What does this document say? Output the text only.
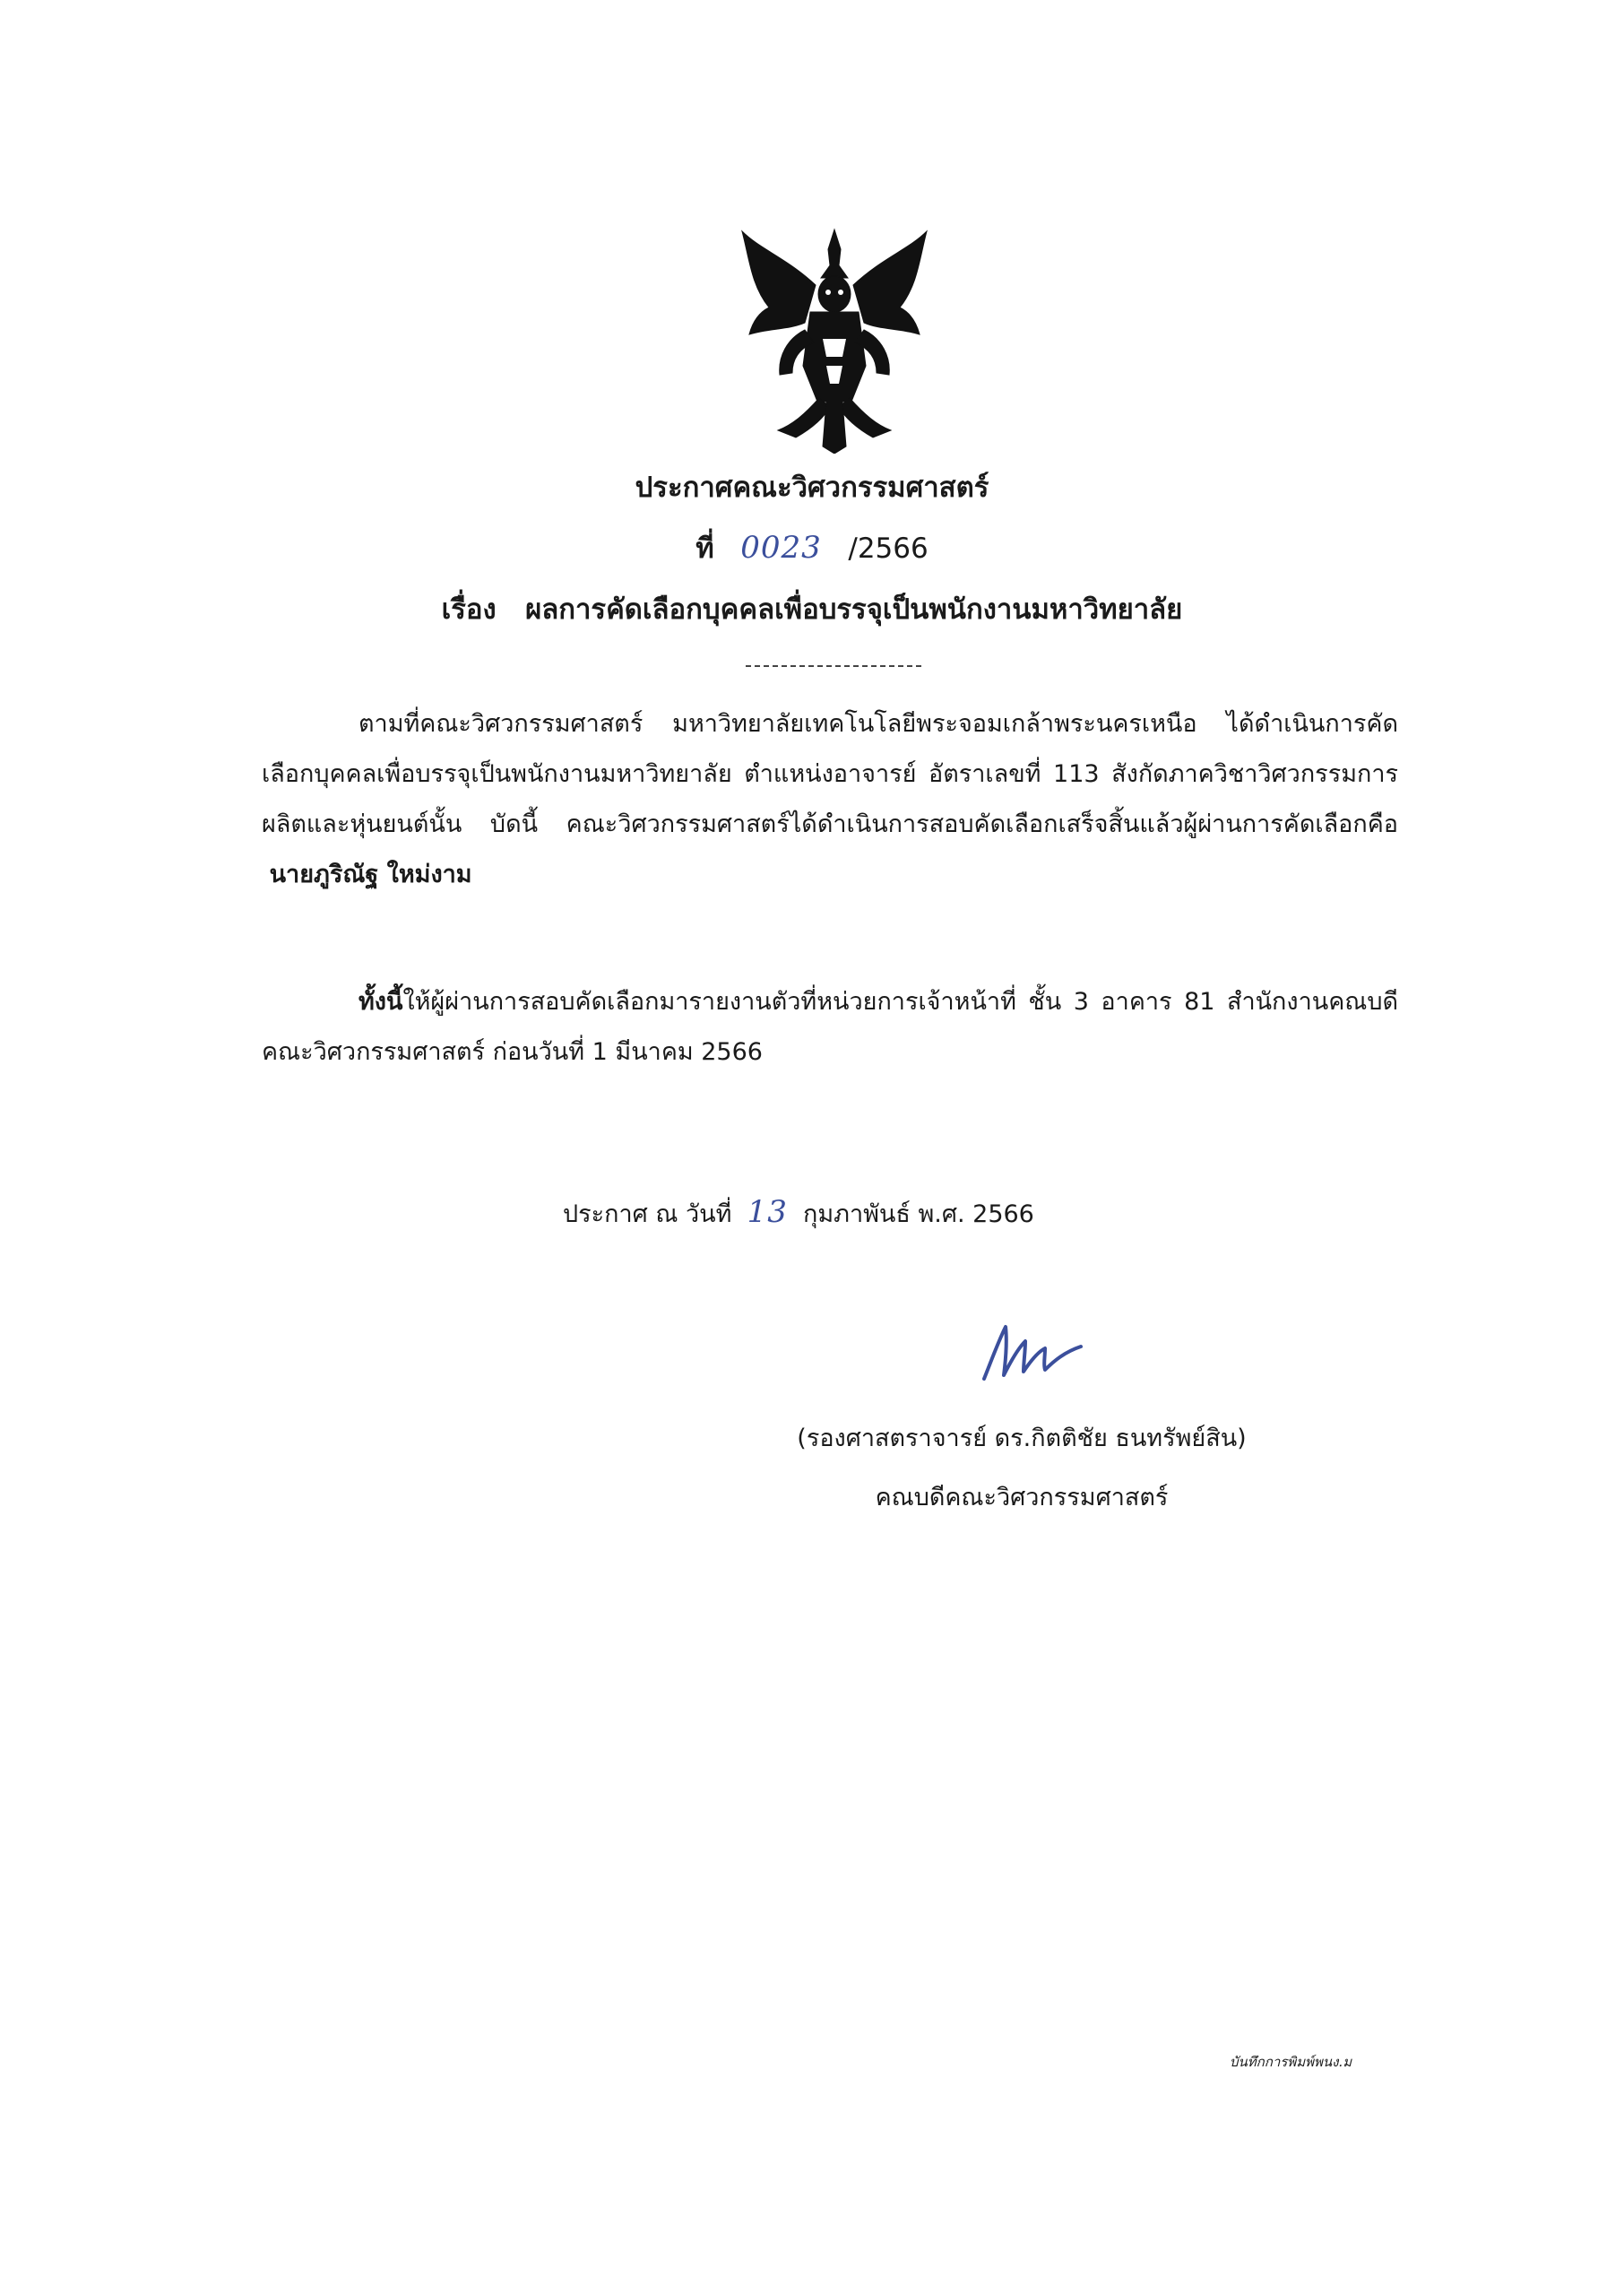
ประกาศคณะวิศวกรรมศาสตร์
ที่ 0023 /2566
เรื่อง ผลการคัดเลือกบุคคลเพื่อบรรจุเป็นพนักงานมหาวิทยาลัย
ตามที่คณะวิศวกรรมศาสตร์ มหาวิทยาลัยเทคโนโลยีพระจอมเกล้าพระนครเหนือ ได้ดำเนินการคัดเลือกบุคคลเพื่อบรรจุเป็นพนักงานมหาวิทยาลัย ตำแหน่งอาจารย์ อัตราเลขที่ 113 สังกัดภาควิชาวิศวกรรมการผลิตและหุ่นยนต์นั้น บัดนี้ คณะวิศวกรรมศาสตร์ได้ดำเนินการสอบคัดเลือกเสร็จสิ้นแล้วผู้ผ่านการคัดเลือกคือ  นายภูริณัฐ ใหม่งาม
ทั้งนี้ให้ผู้ผ่านการสอบคัดเลือกมารายงานตัวที่หน่วยการเจ้าหน้าที่ ชั้น 3 อาคาร 81 สำนักงานคณบดี คณะวิศวกรรมศาสตร์ ก่อนวันที่ 1 มีนาคม 2566
ประกาศ ณ วันที่ 13 กุมภาพันธ์ พ.ศ. 2566
(รองศาสตราจารย์ ดร.กิตติชัย ธนทรัพย์สิน)
คณบดีคณะวิศวกรรมศาสตร์
บันทึกการพิมพ์พนง.ม
